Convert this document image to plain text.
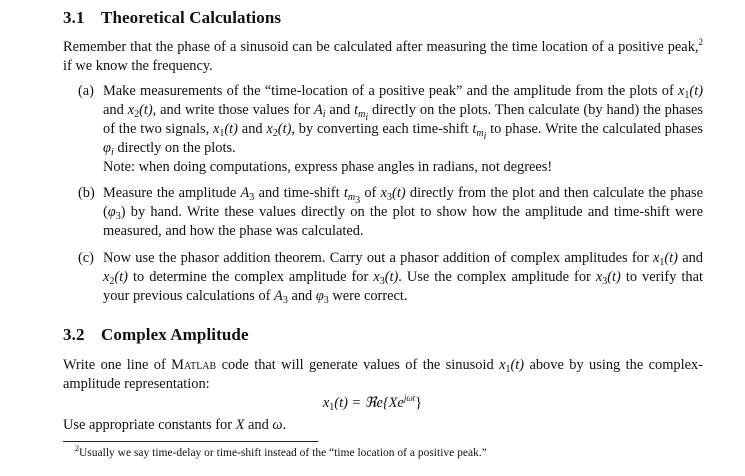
3.1 Theoretical Calculations
Remember that the phase of a sinusoid can be calculated after measuring the time location of a positive peak,$^2$ if we know the frequency.
(a) Make measurements of the “time-location of a positive peak” and the amplitude from the plots of $x_1(t)$ and $x_2(t)$, and write those values for $A_i$ and $t_{m_i}$ directly on the plots. Then calculate (by hand) the phases of the two signals, $x_1(t)$ and $x_2(t)$, by converting each time-shift $t_{m_i}$ to phase. Write the calculated phases $\varphi_i$ directly on the plots.
Note: when doing computations, express phase angles in radians, not degrees!
(b) Measure the amplitude $A_3$ and time-shift $t_{m_3}$ of $x_3(t)$ directly from the plot and then calculate the phase $(\varphi_3)$ by hand. Write these values directly on the plot to show how the amplitude and time-shift were measured, and how the phase was calculated.
(c) Now use the phasor addition theorem. Carry out a phasor addition of complex amplitudes for $x_1(t)$ and $x_2(t)$ to determine the complex amplitude for $x_3(t)$. Use the complex amplitude for $x_3(t)$ to verify that your previous calculations of $A_3$ and $\varphi_3$ were correct.
3.2 Complex Amplitude
Write one line of Matlab code that will generate values of the sinusoid $x_1(t)$ above by using the complex-amplitude representation:
$x_1(t)$ = $ℜe\{Xe^{j\omega t}\}$
Use appropriate constants for X and ω.
$^2$Usually we say time-delay or time-shift instead of the “time location of a positive peak.”
